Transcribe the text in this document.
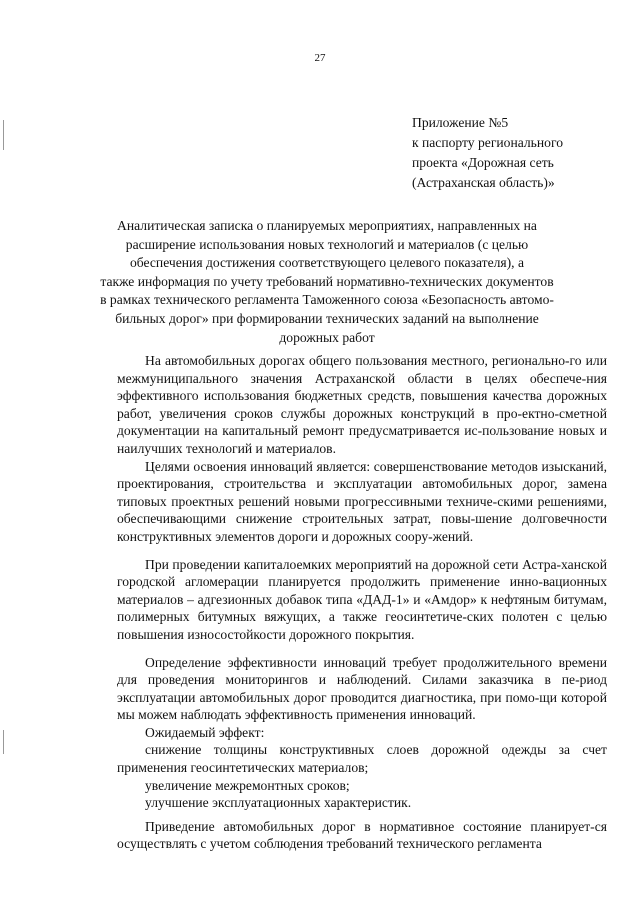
27
Приложение №5
к паспорту регионального
проекта «Дорожная сеть
(Астраханская область)»
Аналитическая записка о планируемых мероприятиях, направленных на
расширение использования новых технологий и материалов (с целью
обеспечения достижения соответствующего целевого показателя), а
также информация по учету требований нормативно-технических документов
в рамках технического регламента Таможенного союза «Безопасность автомо-
бильных дорог» при формировании технических заданий на выполнение
дорожных работ

На автомобильных дорогах общего пользования местного, регионально-го или межмуниципального значения Астраханской области в целях обеспече-ния эффективного использования бюджетных средств, повышения качества дорожных работ, увеличения сроков службы дорожных конструкций в про-ектно-сметной документации на капитальный ремонт предусматривается ис-пользование новых и наилучших технологий и материалов.

Целями освоения инноваций является: совершенствование методов изысканий, проектирования, строительства и эксплуатации автомобильных дорог, замена типовых проектных решений новыми прогрессивными техниче-скими решениями, обеспечивающими снижение строительных затрат, повы-шение долговечности конструктивных элементов дороги и дорожных соору-жений.

При проведении капиталоемких мероприятий на дорожной сети Астра-ханской городской агломерации планируется продолжить применение инно-вационных материалов – адгезионных добавок типа «ДАД-1» и «Амдор» к нефтяным битумам, полимерных битумных вяжущих, а также геосинтетиче-ских полотен с целью повышения износостойкости дорожного покрытия.

Определение эффективности инноваций требует продолжительного времени для проведения мониторингов и наблюдений. Силами заказчика в пе-риод эксплуатации автомобильных дорог проводится диагностика, при помо-щи которой мы можем наблюдать эффективность применения инноваций.

Ожидаемый эффект:

снижение толщины конструктивных слоев дорожной одежды за счет применения геосинтетических материалов;

увеличение межремонтных сроков;

улучшение эксплуатационных характеристик.

Приведение автомобильных дорог в нормативное состояние планирует-ся осуществлять с учетом соблюдения требований технического регламента
